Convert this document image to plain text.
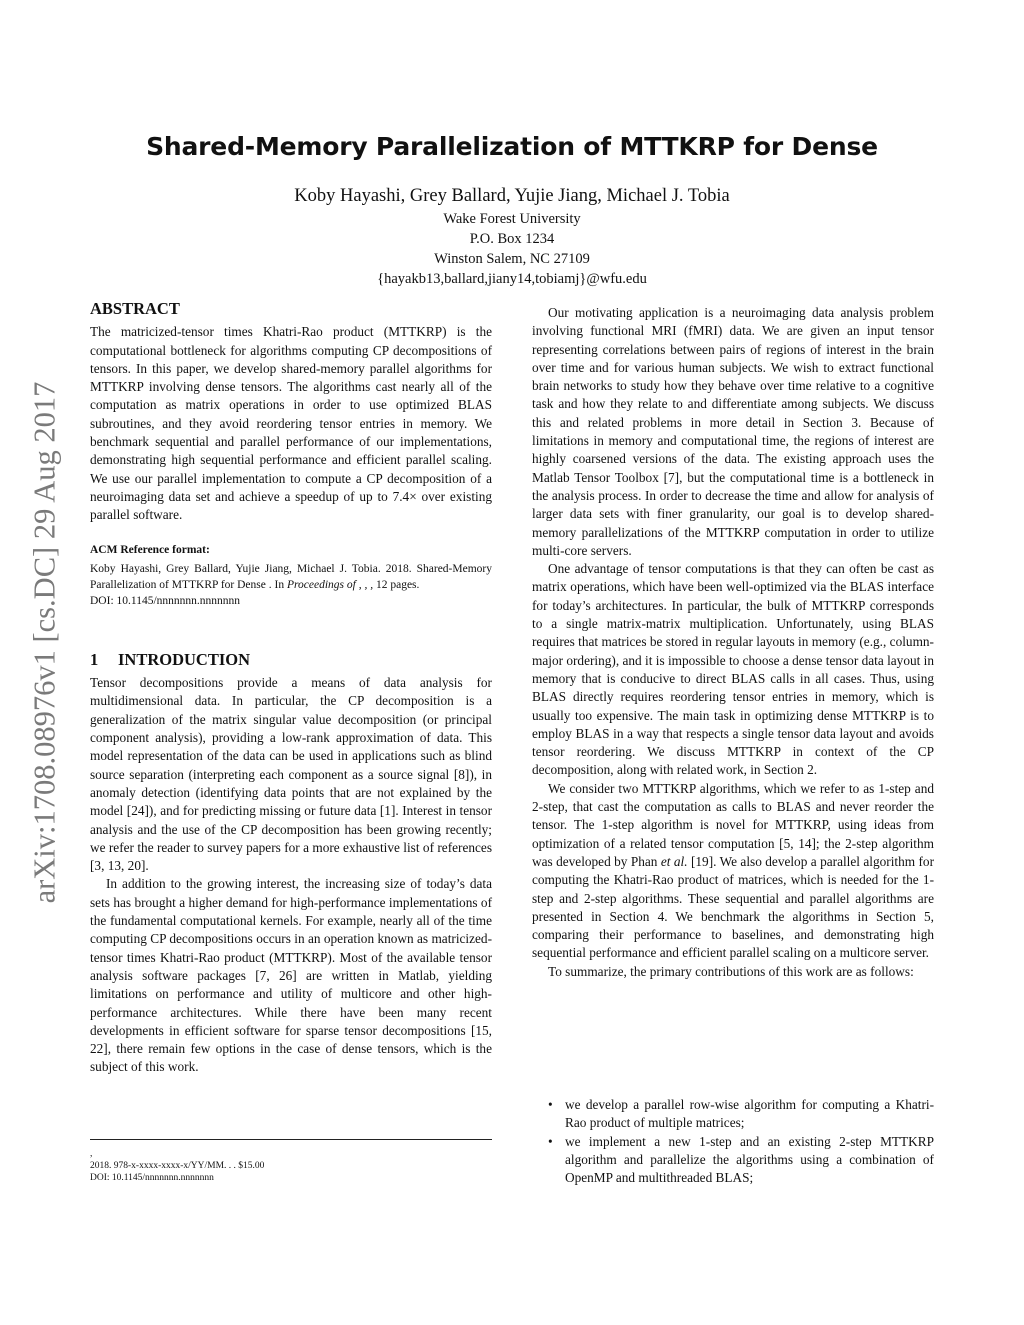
arXiv:1708.08976v1 [cs.DC] 29 Aug 2017
Shared-Memory Parallelization of MTTKRP for Dense
Koby Hayashi, Grey Ballard, Yujie Jiang, Michael J. Tobia
Wake Forest University
P.O. Box 1234
Winston Salem, NC 27109
{hayakb13,ballard,jiany14,tobiamj}@wfu.edu
ABSTRACT

The matricized-tensor times Khatri-Rao product (MTTKRP) is the computational bottleneck for algorithms computing CP decompositions of tensors. In this paper, we develop shared-memory parallel algorithms for MTTKRP involving dense tensors. The algorithms cast nearly all of the computation as matrix operations in order to use optimized BLAS subroutines, and they avoid reordering tensor entries in memory. We benchmark sequential and parallel performance of our implementations, demonstrating high sequential performance and efficient parallel scaling. We use our parallel implementation to compute a CP decomposition of a neuroimaging data set and achieve a speedup of up to 7.4× over existing parallel software.

ACM Reference format:
Koby Hayashi, Grey Ballard, Yujie Jiang, Michael J. Tobia. 2018. Shared-Memory Parallelization of MTTKRP for Dense . In Proceedings of , , , 12 pages.
DOI: 10.1145/nnnnnnn.nnnnnnn
1 INTRODUCTION

Tensor decompositions provide a means of data analysis for multidimensional data. In particular, the CP decomposition is a generalization of the matrix singular value decomposition (or principal component analysis), providing a low-rank approximation of data. This model representation of the data can be used in applications such as blind source separation (interpreting each component as a source signal [8]), in anomaly detection (identifying data points that are not explained by the model [24]), and for predicting missing or future data [1]. Interest in tensor analysis and the use of the CP decomposition has been growing recently; we refer the reader to survey papers for a more exhaustive list of references [3, 13, 20].

In addition to the growing interest, the increasing size of today’s data sets has brought a higher demand for high-performance implementations of the fundamental computational kernels. For example, nearly all of the time computing CP decompositions occurs in an operation known as matricized-tensor times Khatri-Rao product (MTTKRP). Most of the available tensor analysis software packages [7, 26] are written in Matlab, yielding limitations on performance and utility of multicore and other high-performance architectures. While there have been many recent developments in efficient software for sparse tensor decompositions [15, 22], there remain few options in the case of dense tensors, which is the subject of this work.

Our motivating application is a neuroimaging data analysis problem involving functional MRI (fMRI) data. We are given an input tensor representing correlations between pairs of regions of interest in the brain over time and for various human subjects. We wish to extract functional brain networks to study how they behave over time relative to a cognitive task and how they relate to and differentiate among subjects. We discuss this and related problems in more detail in Section 3. Because of limitations in memory and computational time, the regions of interest are highly coarsened versions of the data. The existing approach uses the Matlab Tensor Toolbox [7], but the computational time is a bottleneck in the analysis process. In order to decrease the time and allow for analysis of larger data sets with finer granularity, our goal is to develop shared-memory parallelizations of the MTTKRP computation in order to utilize multi-core servers.

One advantage of tensor computations is that they can often be cast as matrix operations, which have been well-optimized via the BLAS interface for today’s architectures. In particular, the bulk of MTTKRP corresponds to a single matrix-matrix multiplication. Unfortunately, using BLAS requires that matrices be stored in regular layouts in memory (e.g., column-major ordering), and it is impossible to choose a dense tensor data layout in memory that is conducive to direct BLAS calls in all cases. Thus, using BLAS directly requires reordering tensor entries in memory, which is usually too expensive. The main task in optimizing dense MTTKRP is to employ BLAS in a way that respects a single tensor data layout and avoids tensor reordering. We discuss MTTKRP in context of the CP decomposition, along with related work, in Section 2.

We consider two MTTKRP algorithms, which we refer to as 1-step and 2-step, that cast the computation as calls to BLAS and never reorder the tensor. The 1-step algorithm is novel for MTTKRP, using ideas from optimization of a related tensor computation [5, 14]; the 2-step algorithm was developed by Phan et al. [19]. We also develop a parallel algorithm for computing the Khatri-Rao product of matrices, which is needed for the 1-step and 2-step algorithms. These sequential and parallel algorithms are presented in Section 4. We benchmark the algorithms in Section 5, comparing their performance to baselines, and demonstrating high sequential performance and efficient parallel scaling on a multicore server.

To summarize, the primary contributions of this work are as follows:

• we develop a parallel row-wise algorithm for computing a Khatri-Rao product of multiple matrices;
• we implement a new 1-step and an existing 2-step MTTKRP algorithm and parallelize the algorithms using a combination of OpenMP and multithreaded BLAS;
,
2018. 978-x-xxxx-xxxx-x/YY/MM. . . $15.00
DOI: 10.1145/nnnnnnn.nnnnnnn
